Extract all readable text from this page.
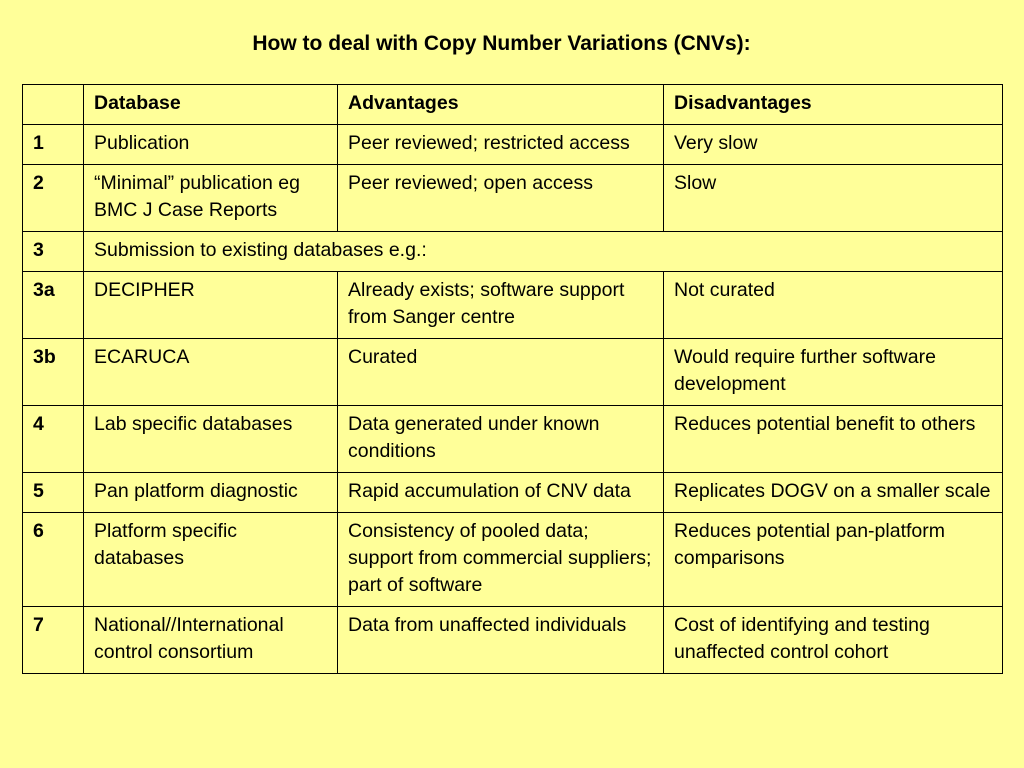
How to deal with Copy Number Variations (CNVs):
	Database	Advantages	Disadvantages
1	Publication	Peer reviewed; restricted access	Very slow
2	“Minimal” publication eg BMC J Case Reports	Peer reviewed; open access	Slow
3	Submission to existing databases e.g.:		
3a	DECIPHER	Already exists; software support from Sanger centre	Not curated
3b	ECARUCA	Curated	Would require further software development
4	Lab specific databases	Data generated under known conditions	Reduces potential benefit to others
5	Pan platform diagnostic	Rapid accumulation of CNV data	Replicates DOGV on a smaller scale
6	Platform specific databases	Consistency of pooled data; support from commercial suppliers; part of software	Reduces potential pan-platform comparisons
7	National//International control consortium	Data from unaffected individuals	Cost of identifying and testing unaffected control cohort
